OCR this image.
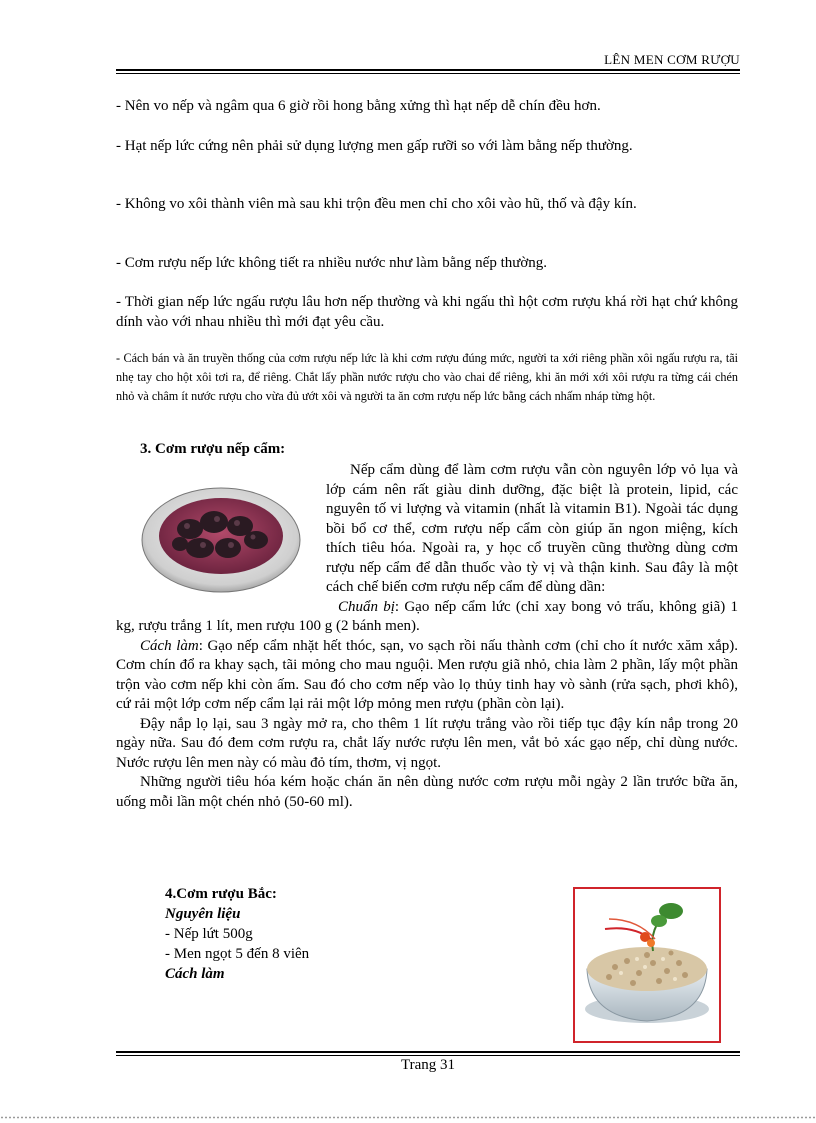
LÊN MEN CƠM RƯỢU
- Nên vo nếp và ngâm qua 6 giờ rồi hong bằng xửng thì hạt nếp dễ chín đều hơn.
- Hạt nếp lức cứng nên phải sử dụng lượng men gấp rưỡi so với làm bằng nếp thường.
- Không vo xôi thành viên mà sau khi trộn đều men chỉ cho xôi vào hũ, thố và đậy kín.
- Cơm rượu nếp lức không tiết ra nhiều nước như làm bằng nếp thường.
- Thời gian nếp lức ngấu rượu lâu hơn nếp thường và khi ngấu thì hột cơm rượu khá rời hạt chứ không dính vào với nhau nhiều thì mới đạt yêu cầu.
- Cách bán và ăn truyền thống của cơm rượu nếp lức là khi cơm rượu đúng mức, người ta xới riêng phần xôi ngấu rượu ra, tãi nhẹ tay cho hột xôi tơi ra, để riêng. Chắt lấy phần nước rượu cho vào chai để riêng, khi ăn mới xới xôi rượu ra từng cái chén nhỏ và châm ít nước rượu cho vừa đủ ướt xôi và người ta ăn cơm rượu nếp lức bằng cách nhấm nháp từng hột.
3. Cơm rượu nếp cẩm:

Nếp cẩm dùng để làm cơm rượu vẫn còn nguyên lớp vỏ lụa và lớp cám nên rất giàu dinh dưỡng, đặc biệt là protein, lipid, các nguyên tố vi lượng và vitamin (nhất là vitamin B1). Ngoài tác dụng bồi bổ cơ thể, cơm rượu nếp cẩm còn giúp ăn ngon miệng, kích thích tiêu hóa. Ngoài ra, y học cổ truyền cũng thường dùng cơm rượu nếp cẩm để dẫn thuốc vào tỳ vị và thận kinh. Sau đây là một cách chế biến cơm rượu nếp cẩm để dùng dần:

Chuẩn bị: Gạo nếp cẩm lức (chỉ xay bong vỏ trấu, không giã) 1 kg, rượu trắng 1 lít, men rượu 100 g (2 bánh men).

Cách làm: Gạo nếp cẩm nhặt hết thóc, sạn, vo sạch rồi nấu thành cơm (chỉ cho ít nước xăm xắp). Cơm chín đổ ra khay sạch, tãi mỏng cho mau nguội. Men rượu giã nhỏ, chia làm 2 phần, lấy một phần trộn vào cơm nếp khi còn ấm. Sau đó cho cơm nếp vào lọ thủy tinh hay vò sành (rửa sạch, phơi khô), cứ rải một lớp cơm nếp cẩm lại rải một lớp mỏng men rượu (phần còn lại).

Đậy nắp lọ lại, sau 3 ngày mở ra, cho thêm 1 lít rượu trắng vào rồi tiếp tục đậy kín nắp trong 20 ngày nữa. Sau đó đem cơm rượu ra, chắt lấy nước rượu lên men, vắt bỏ xác gạo nếp, chỉ dùng nước. Nước rượu lên men này có màu đỏ tím, thơm, vị ngọt.

Những người tiêu hóa kém hoặc chán ăn nên dùng nước cơm rượu mỗi ngày 2 lần trước bữa ăn, uống mỗi lần một chén nhỏ (50-60 ml).

4.Cơm rượu Bắc:
Nguyên liệu
- Nếp lứt 500g
- Men ngọt 5 đến 8 viên
Cách làm
Trang 31
